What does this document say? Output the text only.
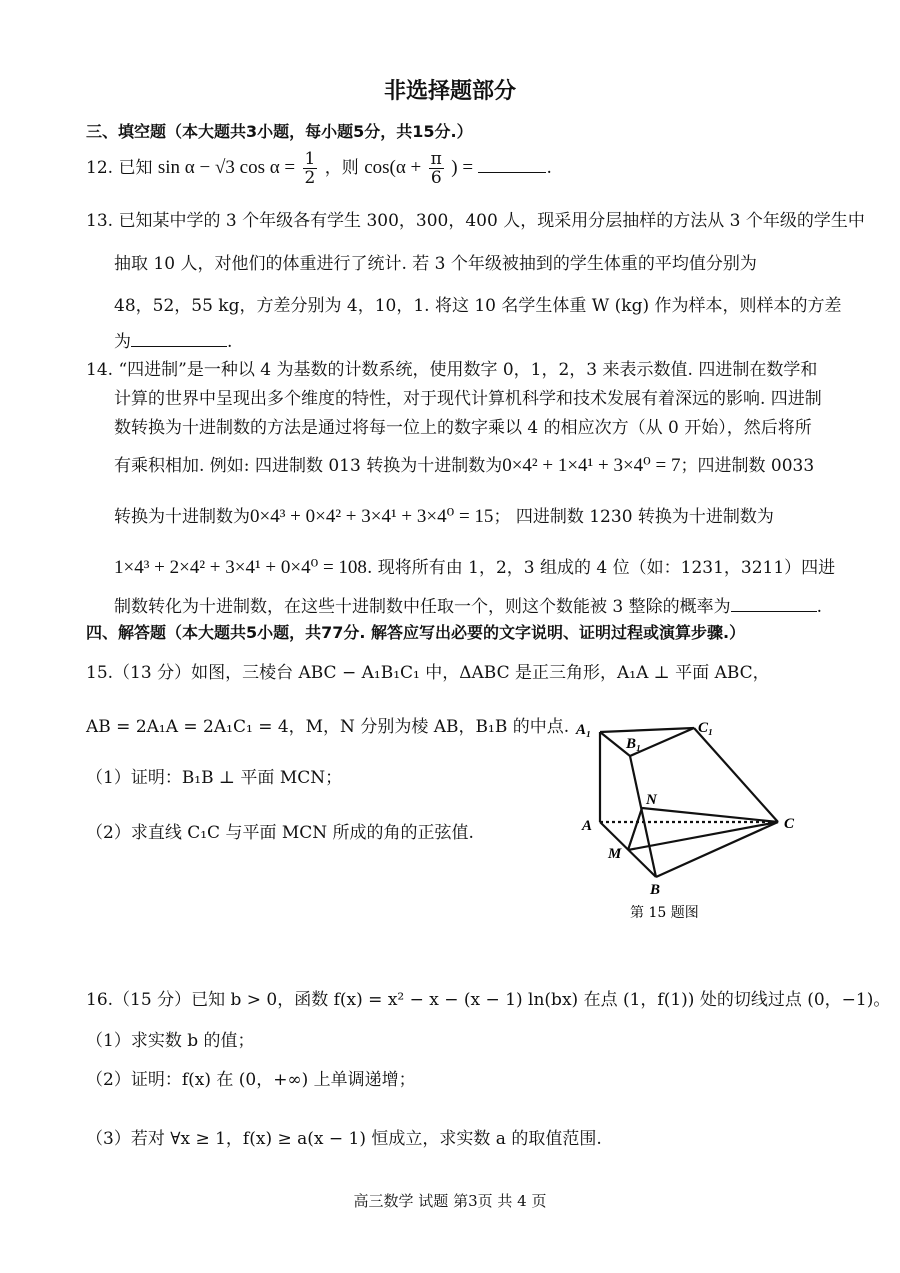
非选择题部分
三、填空题（本大题共3小题，每小题5分，共15分.）
12. 已知 sin α − √3 $\cos \alpha = \frac{1}{2}$ ，则 $\cos(\alpha + \frac{\pi}{6}$ ) =	.
13. 已知某中学的 3 个年级各有学生 300，300，400 人，现采用分层抽样的方法从 3 个年级的学生中
抽取 10 人，对他们的体重进行了统计. 若 3 个年级被抽到的学生体重的平均值分别为
48，52，55 kg，方差分别为 4，10，1. 将这 10 名学生体重 W (kg) 作为样本，则样本的方差
为	.
14. “四进制”是一种以 4 为基数的计数系统，使用数字 0，1，2，3 来表示数值. 四进制在数学和
计算的世界中呈现出多个维度的特性，对于现代计算机科学和技术发展有着深远的影响. 四进制
数转换为十进制数的方法是通过将每一位上的数字乘以 4 的相应次方（从 0 开始），然后将所
有乘积相加. 例如: 四进制数 013 转换为十进制数为0×4² + 1×4¹ + 3×4⁰ = 7；四进制数 0033
转换为十进制数为0×4³ + 0×4² + 3×4¹ + 3×4⁰ = 15； 四进制数 1230 转换为十进制数为
1×4³ + 2×4² + 3×4¹ + 0×4⁰ = 108. 现将所有由 1，2，3 组成的 4 位（如：1231，3211）四进
制数转化为十进制数，在这些十进制数中任取一个，则这个数能被 3 整除的概率为	.
四、解答题（本大题共5小题，共77分. 解答应写出必要的文字说明、证明过程或演算步骤.）
15.（13 分）如图，三棱台 ABC − A₁B₁C₁ 中，ΔABC 是正三角形，A₁A ⊥ 平面 ABC，
AB = 2A₁A = 2A₁C₁ = 4，M，N 分别为棱 AB，B₁B 的中点.
（1）证明：B₁B ⊥ 平面 MCN；
（2）求直线 C₁C 与平面 MCN 所成的角的正弦值.
A₁
B₁
C₁
A
B
C
M
N
第 15 题图
16.（15 分）已知 b > 0，函数 f(x) = x² − x − (x − 1) ln(bx) 在点 (1，f(1)) 处的切线过点 (0，−1)。
（1）求实数 b 的值；
（2）证明：f(x) 在 (0，+∞) 上单调递增；
（3）若对 ∀x ≥ 1，f(x) ≥ a(x − 1) 恒成立，求实数 a 的取值范围.
高三数学 试题 第3页 共 4 页
